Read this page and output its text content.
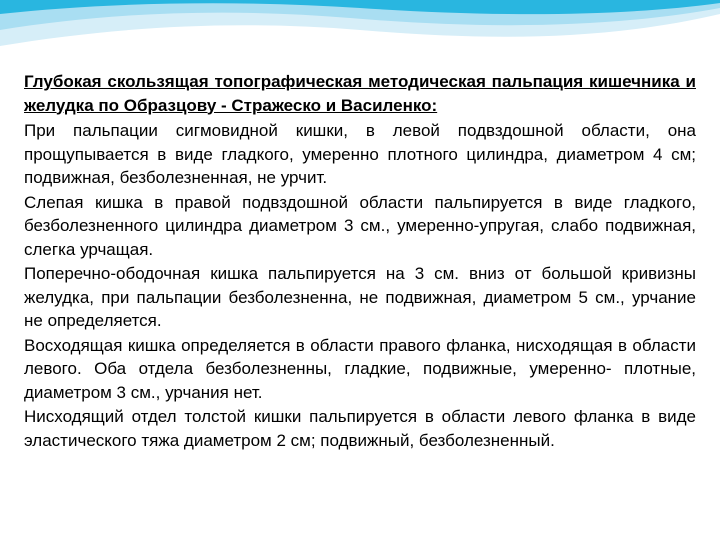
Глубокая скользящая топографическая методическая пальпация кишечника и желудка по Образцову - Стражеско и Василенко:

При пальпации сигмовидной кишки, в левой подвздошной области, она прощупывается в виде гладкого, умеренно плотного цилиндра, диаметром 4 см; подвижная, безболезненная, не урчит.

Слепая кишка в правой подвздошной области пальпируется в виде гладкого, безболезненного цилиндра диаметром 3 см., умеренно-упругая, слабо подвижная, слегка урчащая.

Поперечно-ободочная кишка пальпируется на 3 см. вниз от большой кривизны желудка, при пальпации безболезненна, не подвижная, диаметром 5 см., урчание не определяется.

Восходящая кишка определяется в области правого фланка, нисходящая в области левого. Оба отдела безболезненны, гладкие, подвижные, умеренно- плотные, диаметром 3 см., урчания нет.

Нисходящий отдел толстой кишки пальпируется в области левого фланка в виде эластического тяжа диаметром 2 см; подвижный, безболезненный.
